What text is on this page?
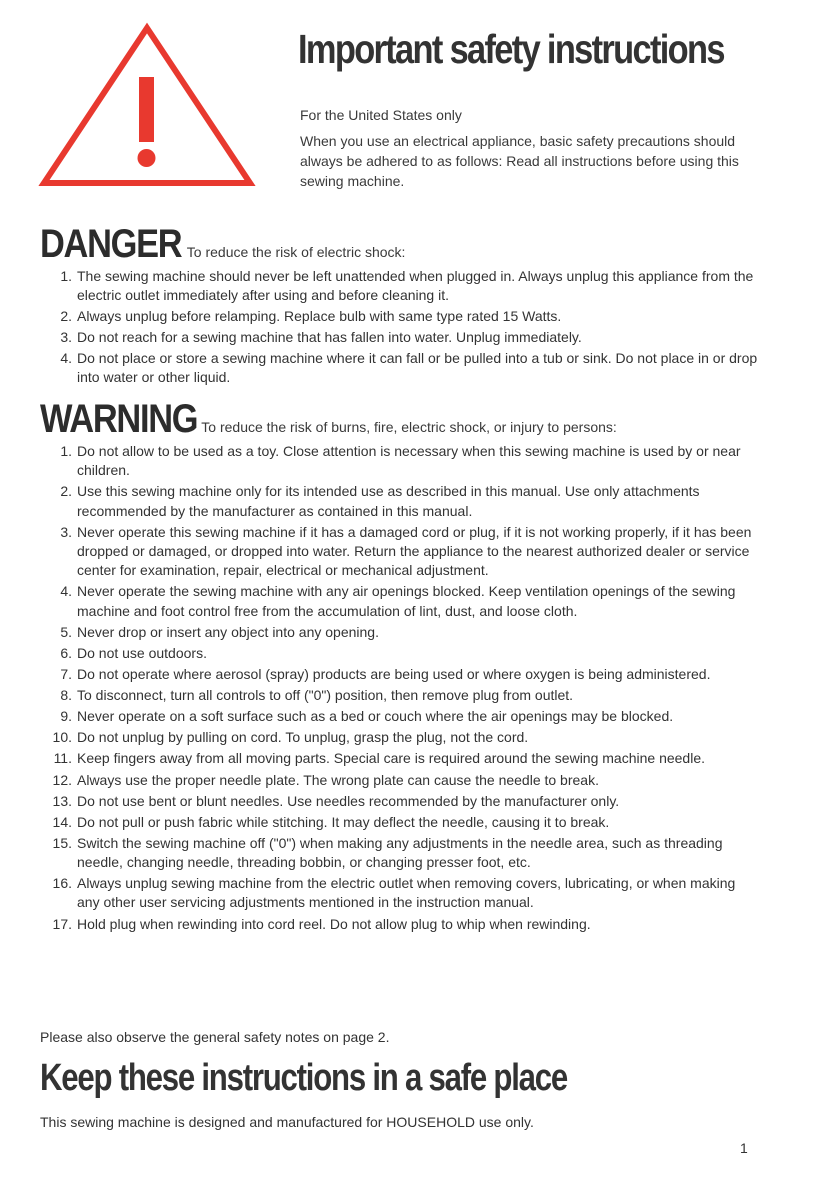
Important safety instructions
For the United States only
When you use an electrical appliance, basic safety precautions should always be adhered to as follows: Read all instructions before using this sewing machine.
DANGER To reduce the risk of electric shock:
1. The sewing machine should never be left unattended when plugged in. Always unplug this appliance from the electric outlet immediately after using and before cleaning it.
2. Always unplug before relamping. Replace bulb with same type rated 15 Watts.
3. Do not reach for a sewing machine that has fallen into water. Unplug immediately.
4. Do not place or store a sewing machine where it can fall or be pulled into a tub or sink. Do not place in or drop into water or other liquid.
WARNING To reduce the risk of burns, fire, electric shock, or injury to persons:
1. Do not allow to be used as a toy. Close attention is necessary when this sewing machine is used by or near children.
2. Use this sewing machine only for its intended use as described in this manual. Use only attachments recommended by the manufacturer as contained in this manual.
3. Never operate this sewing machine if it has a damaged cord or plug, if it is not working properly, if it has been dropped or damaged, or dropped into water. Return the appliance to the nearest authorized dealer or service center for examination, repair, electrical or mechanical adjustment.
4. Never operate the sewing machine with any air openings blocked. Keep ventilation openings of the sewing machine and foot control free from the accumulation of lint, dust, and loose cloth.
5. Never drop or insert any object into any opening.
6. Do not use outdoors.
7. Do not operate where aerosol (spray) products are being used or where oxygen is being administered.
8. To disconnect, turn all controls to off ("0") position, then remove plug from outlet.
9. Never operate on a soft surface such as a bed or couch where the air openings may be blocked.
10. Do not unplug by pulling on cord. To unplug, grasp the plug, not the cord.
11. Keep fingers away from all moving parts. Special care is required around the sewing machine needle.
12. Always use the proper needle plate. The wrong plate can cause the needle to break.
13. Do not use bent or blunt needles. Use needles recommended by the manufacturer only.
14. Do not pull or push fabric while stitching. It may deflect the needle, causing it to break.
15. Switch the sewing machine off ("0") when making any adjustments in the needle area, such as threading needle, changing needle, threading bobbin, or changing presser foot, etc.
16. Always unplug sewing machine from the electric outlet when removing covers, lubricating, or when making any other user servicing adjustments mentioned in the instruction manual.
17. Hold plug when rewinding into cord reel. Do not allow plug to whip when rewinding.
Please also observe the general safety notes on page 2.
Keep these instructions in a safe place
This sewing machine is designed and manufactured for HOUSEHOLD use only.
1
